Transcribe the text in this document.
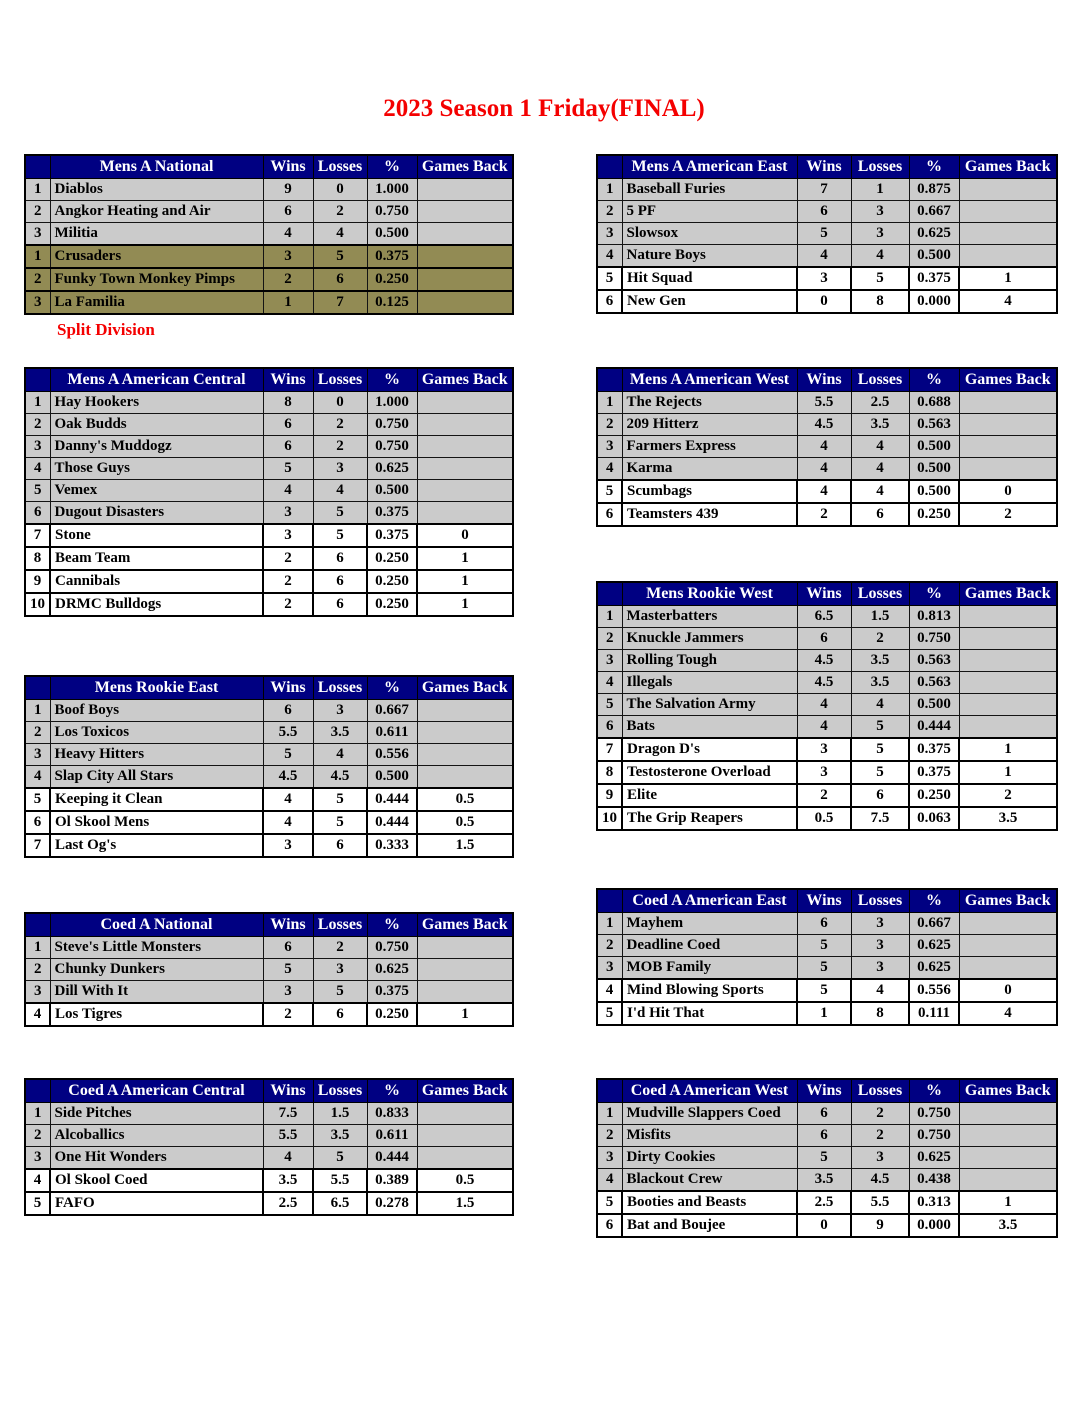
2023 Season 1 Friday(FINAL)
	Mens A National	Wins	Losses	%	Games Back
1	Diablos	9	0	1.000	
2	Angkor Heating and Air	6	2	0.750	
3	Militia	4	4	0.500	
1	Crusaders	3	5	0.375	
2	Funky Town Monkey Pimps	2	6	0.250	
3	La Familia	1	7	0.125	
	Mens A American Central	Wins	Losses	%	Games Back
1	Hay Hookers	8	0	1.000	
2	Oak Budds	6	2	0.750	
3	Danny's Muddogz	6	2	0.750	
4	Those Guys	5	3	0.625	
5	Vemex	4	4	0.500	
6	Dugout Disasters	3	5	0.375	
7	Stone	3	5	0.375	0
8	Beam Team	2	6	0.250	1
9	Cannibals	2	6	0.250	1
10	DRMC Bulldogs	2	6	0.250	1
	Mens Rookie East	Wins	Losses	%	Games Back
1	Boof Boys	6	3	0.667	
2	Los Toxicos	5.5	3.5	0.611	
3	Heavy Hitters	5	4	0.556	
4	Slap City All Stars	4.5	4.5	0.500	
5	Keeping it Clean	4	5	0.444	0.5
6	Ol Skool Mens	4	5	0.444	0.5
7	Last Og's	3	6	0.333	1.5
	Coed A National	Wins	Losses	%	Games Back
1	Steve's Little Monsters	6	2	0.750	
2	Chunky Dunkers	5	3	0.625	
3	Dill With It	3	5	0.375	
4	Los Tigres	2	6	0.250	1
	Coed A American Central	Wins	Losses	%	Games Back
1	Side Pitches	7.5	1.5	0.833	
2	Alcoballics	5.5	3.5	0.611	
3	One Hit Wonders	4	5	0.444	
4	Ol Skool Coed	3.5	5.5	0.389	0.5
5	FAFO	2.5	6.5	0.278	1.5
	Mens A American East	Wins	Losses	%	Games Back
1	Baseball Furies	7	1	0.875	
2	5 PF	6	3	0.667	
3	Slowsox	5	3	0.625	
4	Nature Boys	4	4	0.500	
5	Hit Squad	3	5	0.375	1
6	New Gen	0	8	0.000	4
	Mens A American West	Wins	Losses	%	Games Back
1	The Rejects	5.5	2.5	0.688	
2	209 Hitterz	4.5	3.5	0.563	
3	Farmers Express	4	4	0.500	
4	Karma	4	4	0.500	
5	Scumbags	4	4	0.500	0
6	Teamsters 439	2	6	0.250	2
	Mens Rookie West	Wins	Losses	%	Games Back
1	Masterbatters	6.5	1.5	0.813	
2	Knuckle Jammers	6	2	0.750	
3	Rolling Tough	4.5	3.5	0.563	
4	Illegals	4.5	3.5	0.563	
5	The Salvation Army	4	4	0.500	
6	Bats	4	5	0.444	
7	Dragon D's	3	5	0.375	1
8	Testosterone Overload	3	5	0.375	1
9	Elite	2	6	0.250	2
10	The Grip Reapers	0.5	7.5	0.063	3.5
	Coed A American East	Wins	Losses	%	Games Back
1	Mayhem	6	3	0.667	
2	Deadline Coed	5	3	0.625	
3	MOB Family	5	3	0.625	
4	Mind Blowing Sports	5	4	0.556	0
5	I'd Hit That	1	8	0.111	4
	Coed A American West	Wins	Losses	%	Games Back
1	Mudville Slappers Coed	6	2	0.750	
2	Misfits	6	2	0.750	
3	Dirty Cookies	5	3	0.625	
4	Blackout Crew	3.5	4.5	0.438	
5	Booties and Beasts	2.5	5.5	0.313	1
6	Bat and Boujee	0	9	0.000	3.5
Split Division
